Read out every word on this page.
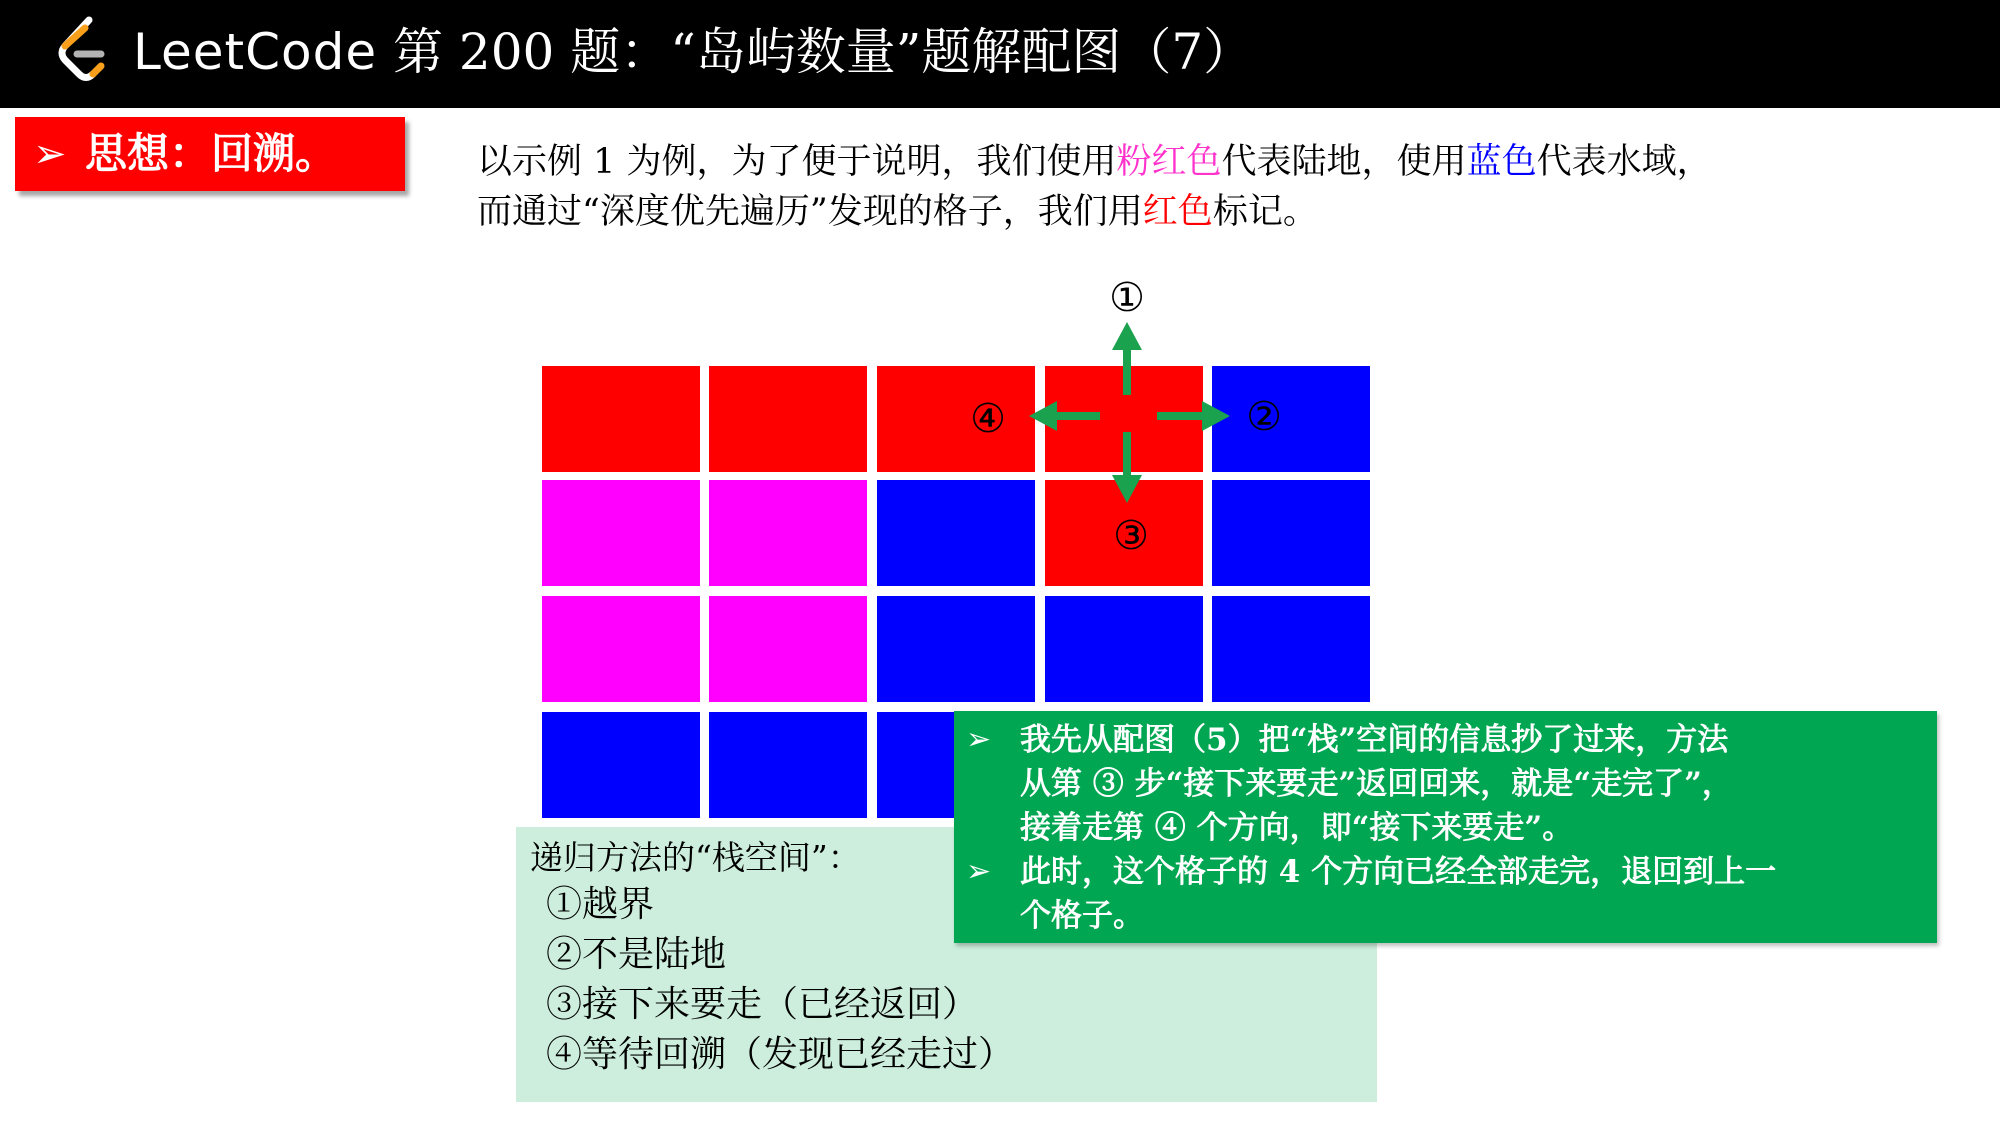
LeetCode 第 200 题：“岛屿数量”题解配图（7）
➢ 思想：回溯。	以示例 1 为例，为了便于说明，我们使用粉红色代表陆地，使用蓝色代表水域，
而通过“深度优先遍历”发现的格子，我们用红色标记。
①
②
③
④
递归方法的“栈空间”：
①越界
②不是陆地
③接下来要走（已经返回）
④等待回溯（发现已经走过）
➢ 我先从配图（5）把“栈”空间的信息抄了过来，方法
从第 ③ 步“接下来要走”返回回来，就是“走完了”，
接着走第 ④ 个方向，即“接下来要走”。
➢ 此时，这个格子的 4 个方向已经全部走完，退回到上一
个格子。
